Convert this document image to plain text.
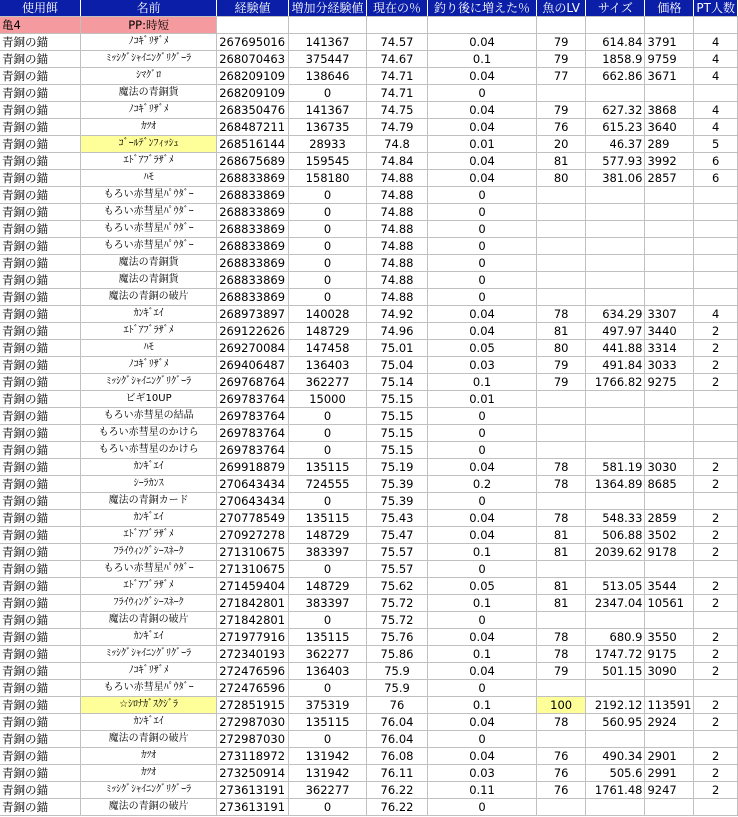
使用餌	名前	経験値	増加分経験値	現在の％	釣り後に増えた％	魚のLV	サイズ	価格	PT人数
亀4	PP:時短								
青銅の錨	ﾉｺｷﾞﾘｻﾞﾒ	267695016	141367	74.57	0.04	79	614.84	3791	4
青銅の錨	ﾐｯｼｸﾞｼｬｲﾆﾝｸﾞﾘｸﾞｰﾗ	268070463	375447	74.67	0.1	79	1858.9	9759	4
青銅の錨	ｼﾏｸﾞﾛ	268209109	138646	74.71	0.04	77	662.86	3671	4
青銅の錨	魔法の青銅貨	268209109	0	74.71	0				
青銅の錨	ﾉｺｷﾞﾘｻﾞﾒ	268350476	141367	74.75	0.04	79	627.32	3868	4
青銅の錨	ｶﾂｵ	268487211	136735	74.79	0.04	76	615.23	3640	4
青銅の錨	ｺﾞｰﾙﾃﾞﾝﾌｨｯｼｭ	268516144	28933	74.8	0.01	20	46.37	289	5
青銅の錨	ｴﾄﾞｱﾌﾞﾗｻﾞﾒ	268675689	159545	74.84	0.04	81	577.93	3992	6
青銅の錨	ﾊﾓ	268833869	158180	74.88	0.04	80	381.06	2857	6
青銅の錨	もろい赤彗星ﾊﾟｳﾀﾞｰ	268833869	0	74.88	0				
青銅の錨	もろい赤彗星ﾊﾟｳﾀﾞｰ	268833869	0	74.88	0				
青銅の錨	もろい赤彗星ﾊﾟｳﾀﾞｰ	268833869	0	74.88	0				
青銅の錨	もろい赤彗星ﾊﾟｳﾀﾞｰ	268833869	0	74.88	0				
青銅の錨	魔法の青銅貨	268833869	0	74.88	0				
青銅の錨	魔法の青銅貨	268833869	0	74.88	0				
青銅の錨	魔法の青銅の破片	268833869	0	74.88	0				
青銅の錨	ｶﾝｷﾞｴｲ	268973897	140028	74.92	0.04	78	634.29	3307	4
青銅の錨	ｴﾄﾞｱﾌﾞﾗｻﾞﾒ	269122626	148729	74.96	0.04	81	497.97	3440	2
青銅の錨	ﾊﾓ	269270084	147458	75.01	0.05	80	441.88	3314	2
青銅の錨	ﾉｺｷﾞﾘｻﾞﾒ	269406487	136403	75.04	0.03	79	491.84	3033	2
青銅の錨	ﾐｯｼｸﾞｼｬｲﾆﾝｸﾞﾘｸﾞｰﾗ	269768764	362277	75.14	0.1	79	1766.82	9275	2
青銅の錨	ビギ10UP	269783764	15000	75.15	0.01				
青銅の錨	もろい赤彗星の結晶	269783764	0	75.15	0				
青銅の錨	もろい赤彗星のかけら	269783764	0	75.15	0				
青銅の錨	もろい赤彗星のかけら	269783764	0	75.15	0				
青銅の錨	ｶﾝｷﾞｴｲ	269918879	135115	75.19	0.04	78	581.19	3030	2
青銅の錨	ｼｰﾗｶﾝｽ	270643434	724555	75.39	0.2	78	1364.89	8685	2
青銅の錨	魔法の青銅カード	270643434	0	75.39	0				
青銅の錨	ｶﾝｷﾞｴｲ	270778549	135115	75.43	0.04	78	548.33	2859	2
青銅の錨	ｴﾄﾞｱﾌﾞﾗｻﾞﾒ	270927278	148729	75.47	0.04	81	506.88	3502	2
青銅の錨	ﾌﾗｲｳｨﾝｸﾞｼｰｽﾈｰｸ	271310675	383397	75.57	0.1	81	2039.62	9178	2
青銅の錨	もろい赤彗星ﾊﾟｳﾀﾞｰ	271310675	0	75.57	0				
青銅の錨	ｴﾄﾞｱﾌﾞﾗｻﾞﾒ	271459404	148729	75.62	0.05	81	513.05	3544	2
青銅の錨	ﾌﾗｲｳｨﾝｸﾞｼｰｽﾈｰｸ	271842801	383397	75.72	0.1	81	2347.04	10561	2
青銅の錨	魔法の青銅の破片	271842801	0	75.72	0				
青銅の錨	ｶﾝｷﾞｴｲ	271977916	135115	75.76	0.04	78	680.9	3550	2
青銅の錨	ﾐｯｼｸﾞｼｬｲﾆﾝｸﾞﾘｸﾞｰﾗ	272340193	362277	75.86	0.1	78	1747.72	9175	2
青銅の錨	ﾉｺｷﾞﾘｻﾞﾒ	272476596	136403	75.9	0.04	79	501.15	3090	2
青銅の錨	もろい赤彗星ﾊﾟｳﾀﾞｰ	272476596	0	75.9	0				
青銅の錨	☆ｼﾛﾅｶﾞｽｸｼﾞﾗ	272851915	375319	76	0.1	100	2192.12	113591	2
青銅の錨	ｶﾝｷﾞｴｲ	272987030	135115	76.04	0.04	78	560.95	2924	2
青銅の錨	魔法の青銅の破片	272987030	0	76.04	0				
青銅の錨	ｶﾂｵ	273118972	131942	76.08	0.04	76	490.34	2901	2
青銅の錨	ｶﾂｵ	273250914	131942	76.11	0.03	76	505.6	2991	2
青銅の錨	ﾐｯｼｸﾞｼｬｲﾆﾝｸﾞﾘｸﾞｰﾗ	273613191	362277	76.22	0.11	76	1761.48	9247	2
青銅の錨	魔法の青銅の破片	273613191	0	76.22	0				
